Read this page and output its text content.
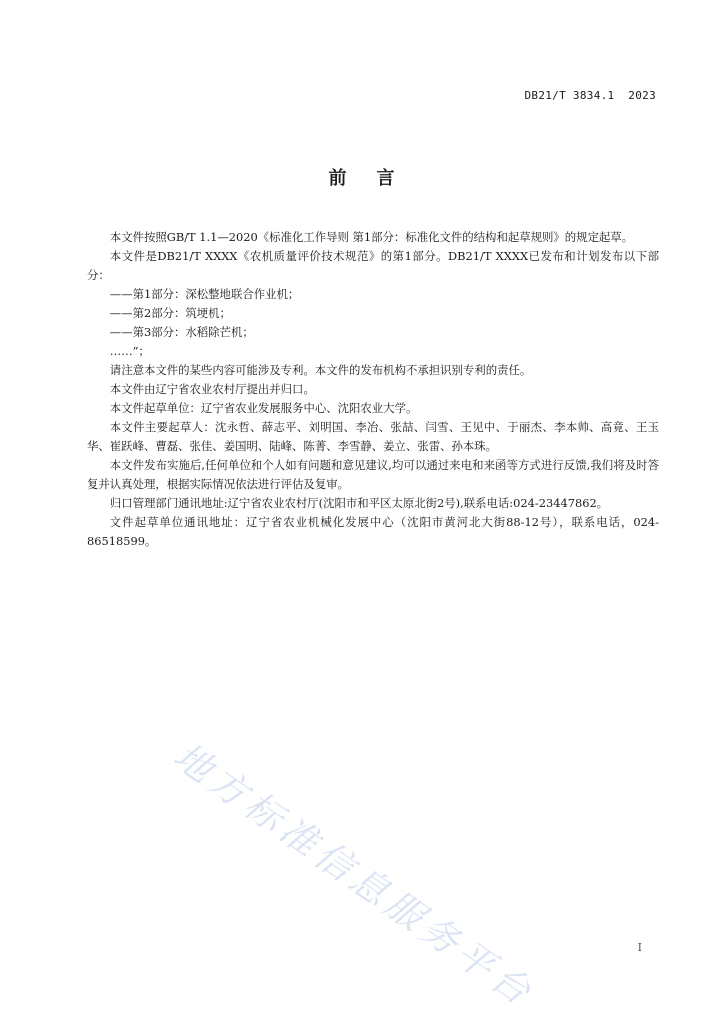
DB21/T 3834.1  2023
前    言

本文件按照GB/T 1.1—2020《标准化工作导则 第1部分：标准化文件的结构和起草规则》的规定起草。

本文件是DB21/T XXXX《农机质量评价技术规范》的第1部分。DB21/T XXXX已发布和计划发布以下部分：

——第1部分：深松整地联合作业机；

——第2部分：筑埂机；

——第3部分：水稻除芒机；

……”；

请注意本文件的某些内容可能涉及专利。本文件的发布机构不承担识别专利的责任。

本文件由辽宁省农业农村厅提出并归口。

本文件起草单位：辽宁省农业发展服务中心、沈阳农业大学。

本文件主要起草人：沈永哲、薛志平、刘明国、李冶、张喆、闫雪、王见中、于丽杰、李本帅、高竟、王玉华、崔跃峰、曹磊、张佳、姜国明、陆峰、陈菁、李雪静、姜立、张雷、孙本珠。

本文件发布实施后,任何单位和个人如有问题和意见建议,均可以通过来电和来函等方式进行反馈,我们将及时答复并认真处理，根据实际情况依法进行评估及复审。

归口管理部门通讯地址:辽宁省农业农村厅(沈阳市和平区太原北街2号),联系电话:024-23447862。

文件起草单位通讯地址：辽宁省农业机械化发展中心（沈阳市黄河北大街88-12号），联系电话，024-86518599。

地方标准信息服务平台	I
